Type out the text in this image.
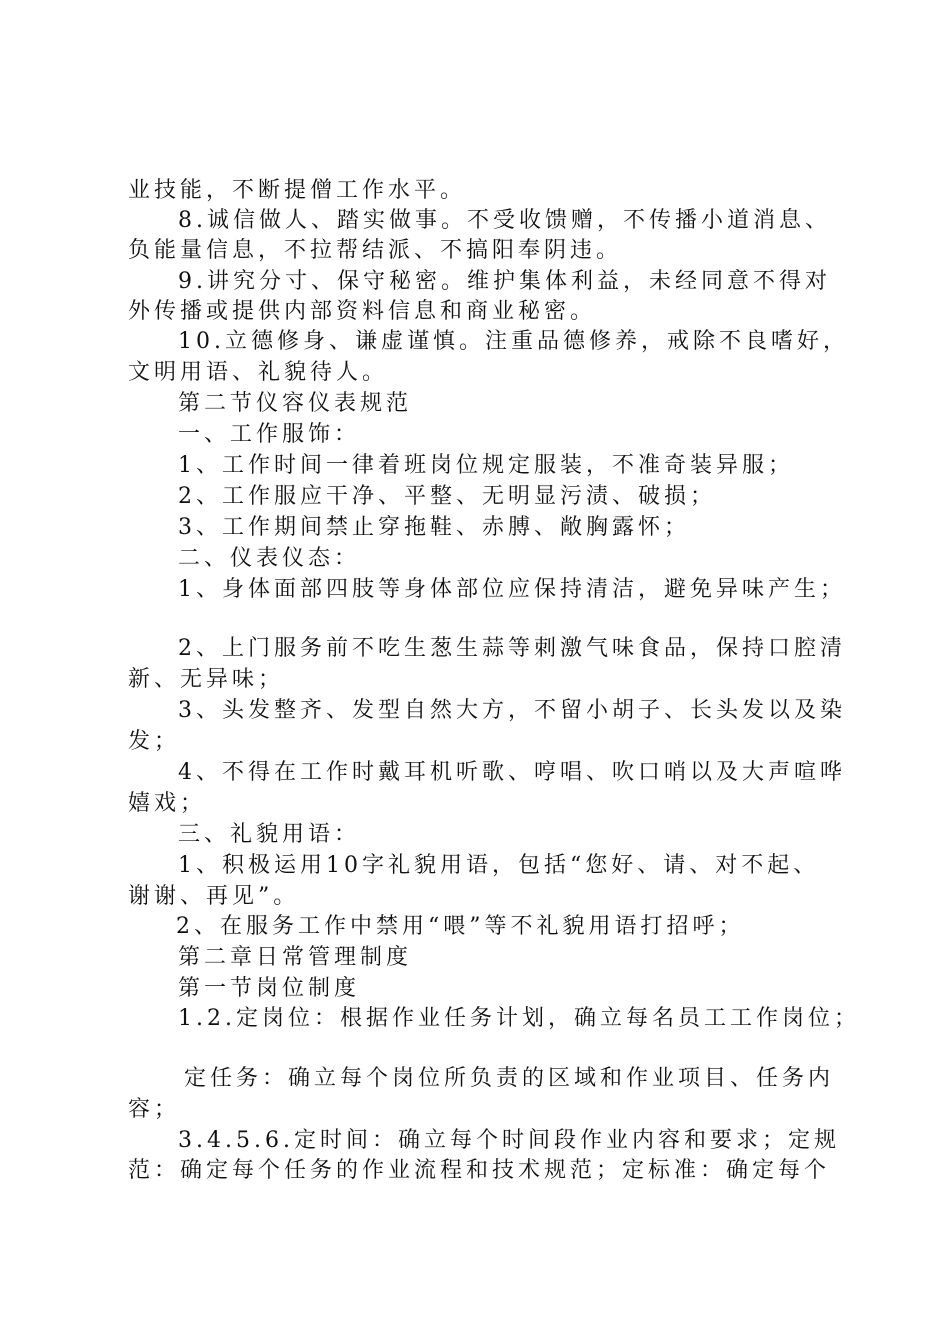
业技能，不断提僧工作水平。
8.诚信做人、踏实做事。不受收馈赠，不传播小道消息、
负能量信息，不拉帮结派、不搞阳奉阴违。
9.讲究分寸、保守秘密。维护集体利益，未经同意不得对
外传播或提供内部资料信息和商业秘密。
10.立德修身、谦虚谨慎。注重品德修养，戒除不良嗜好，
文明用语、礼貌待人。
第二节仪容仪表规范
一、工作服饰：
1、工作时间一律着班岗位规定服装，不准奇装异服；
2、工作服应干净、平整、无明显污渍、破损；
3、工作期间禁止穿拖鞋、赤膊、敞胸露怀；
二、仪表仪态：
1、身体面部四肢等身体部位应保持清洁，避免异味产生；
2、上门服务前不吃生葱生蒜等刺激气味食品，保持口腔清
新、无异味；
3、头发整齐、发型自然大方，不留小胡子、长头发以及染
发；
4、不得在工作时戴耳机听歌、哼唱、吹口哨以及大声喧哗
嬉戏；
三、礼貌用语：
1、积极运用10字礼貌用语，包括“您好、请、对不起、
谢谢、再见”。
2、在服务工作中禁用“喂”等不礼貌用语打招呼；
第二章日常管理制度
第一节岗位制度
1.2.定岗位：根据作业任务计划，确立每名员工工作岗位；
定任务：确立每个岗位所负责的区域和作业项目、任务内
容；
3.4.5.6.定时间：确立每个时间段作业内容和要求；定规
范：确定每个任务的作业流程和技术规范；定标准：确定每个
